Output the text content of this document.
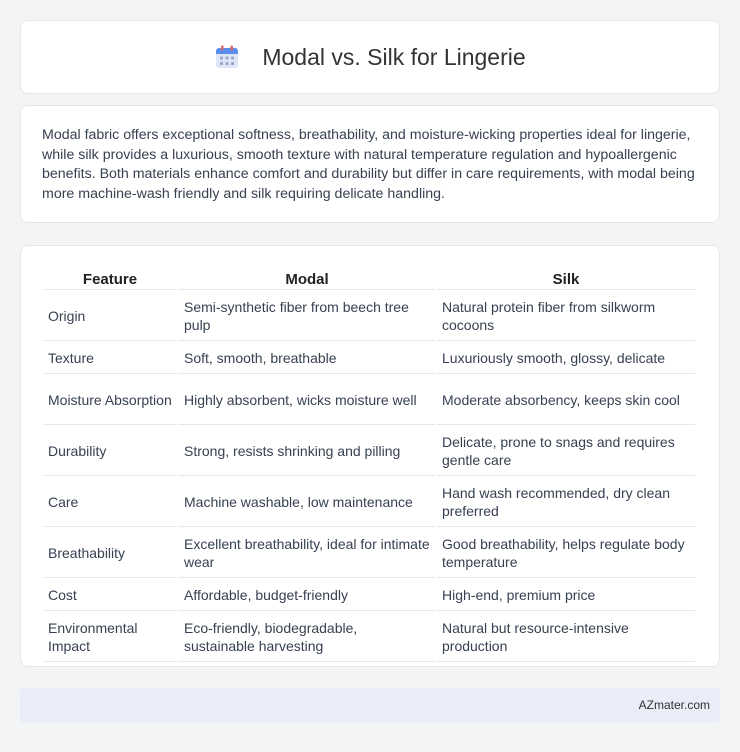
Modal vs. Silk for Lingerie

Modal fabric offers exceptional softness, breathability, and moisture-wicking properties ideal for lingerie, while silk provides a luxurious, smooth texture with natural temperature regulation and hypoallergenic benefits. Both materials enhance comfort and durability but differ in care requirements, with modal being more machine-wash friendly and silk requiring delicate handling.

Feature	Modal	Silk
Origin	Semi-synthetic fiber from beech tree pulp	Natural protein fiber from silkworm cocoons
Texture	Soft, smooth, breathable	Luxuriously smooth, glossy, delicate
Moisture Absorption	Highly absorbent, wicks moisture well	Moderate absorbency, keeps skin cool
Durability	Strong, resists shrinking and pilling	Delicate, prone to snags and requires gentle care
Care	Machine washable, low maintenance	Hand wash recommended, dry clean preferred
Breathability	Excellent breathability, ideal for intimate wear	Good breathability, helps regulate body temperature
Cost	Affordable, budget-friendly	High-end, premium price
Environmental Impact	Eco-friendly, biodegradable, sustainable harvesting	Natural but resource-intensive production
AZmater.com
